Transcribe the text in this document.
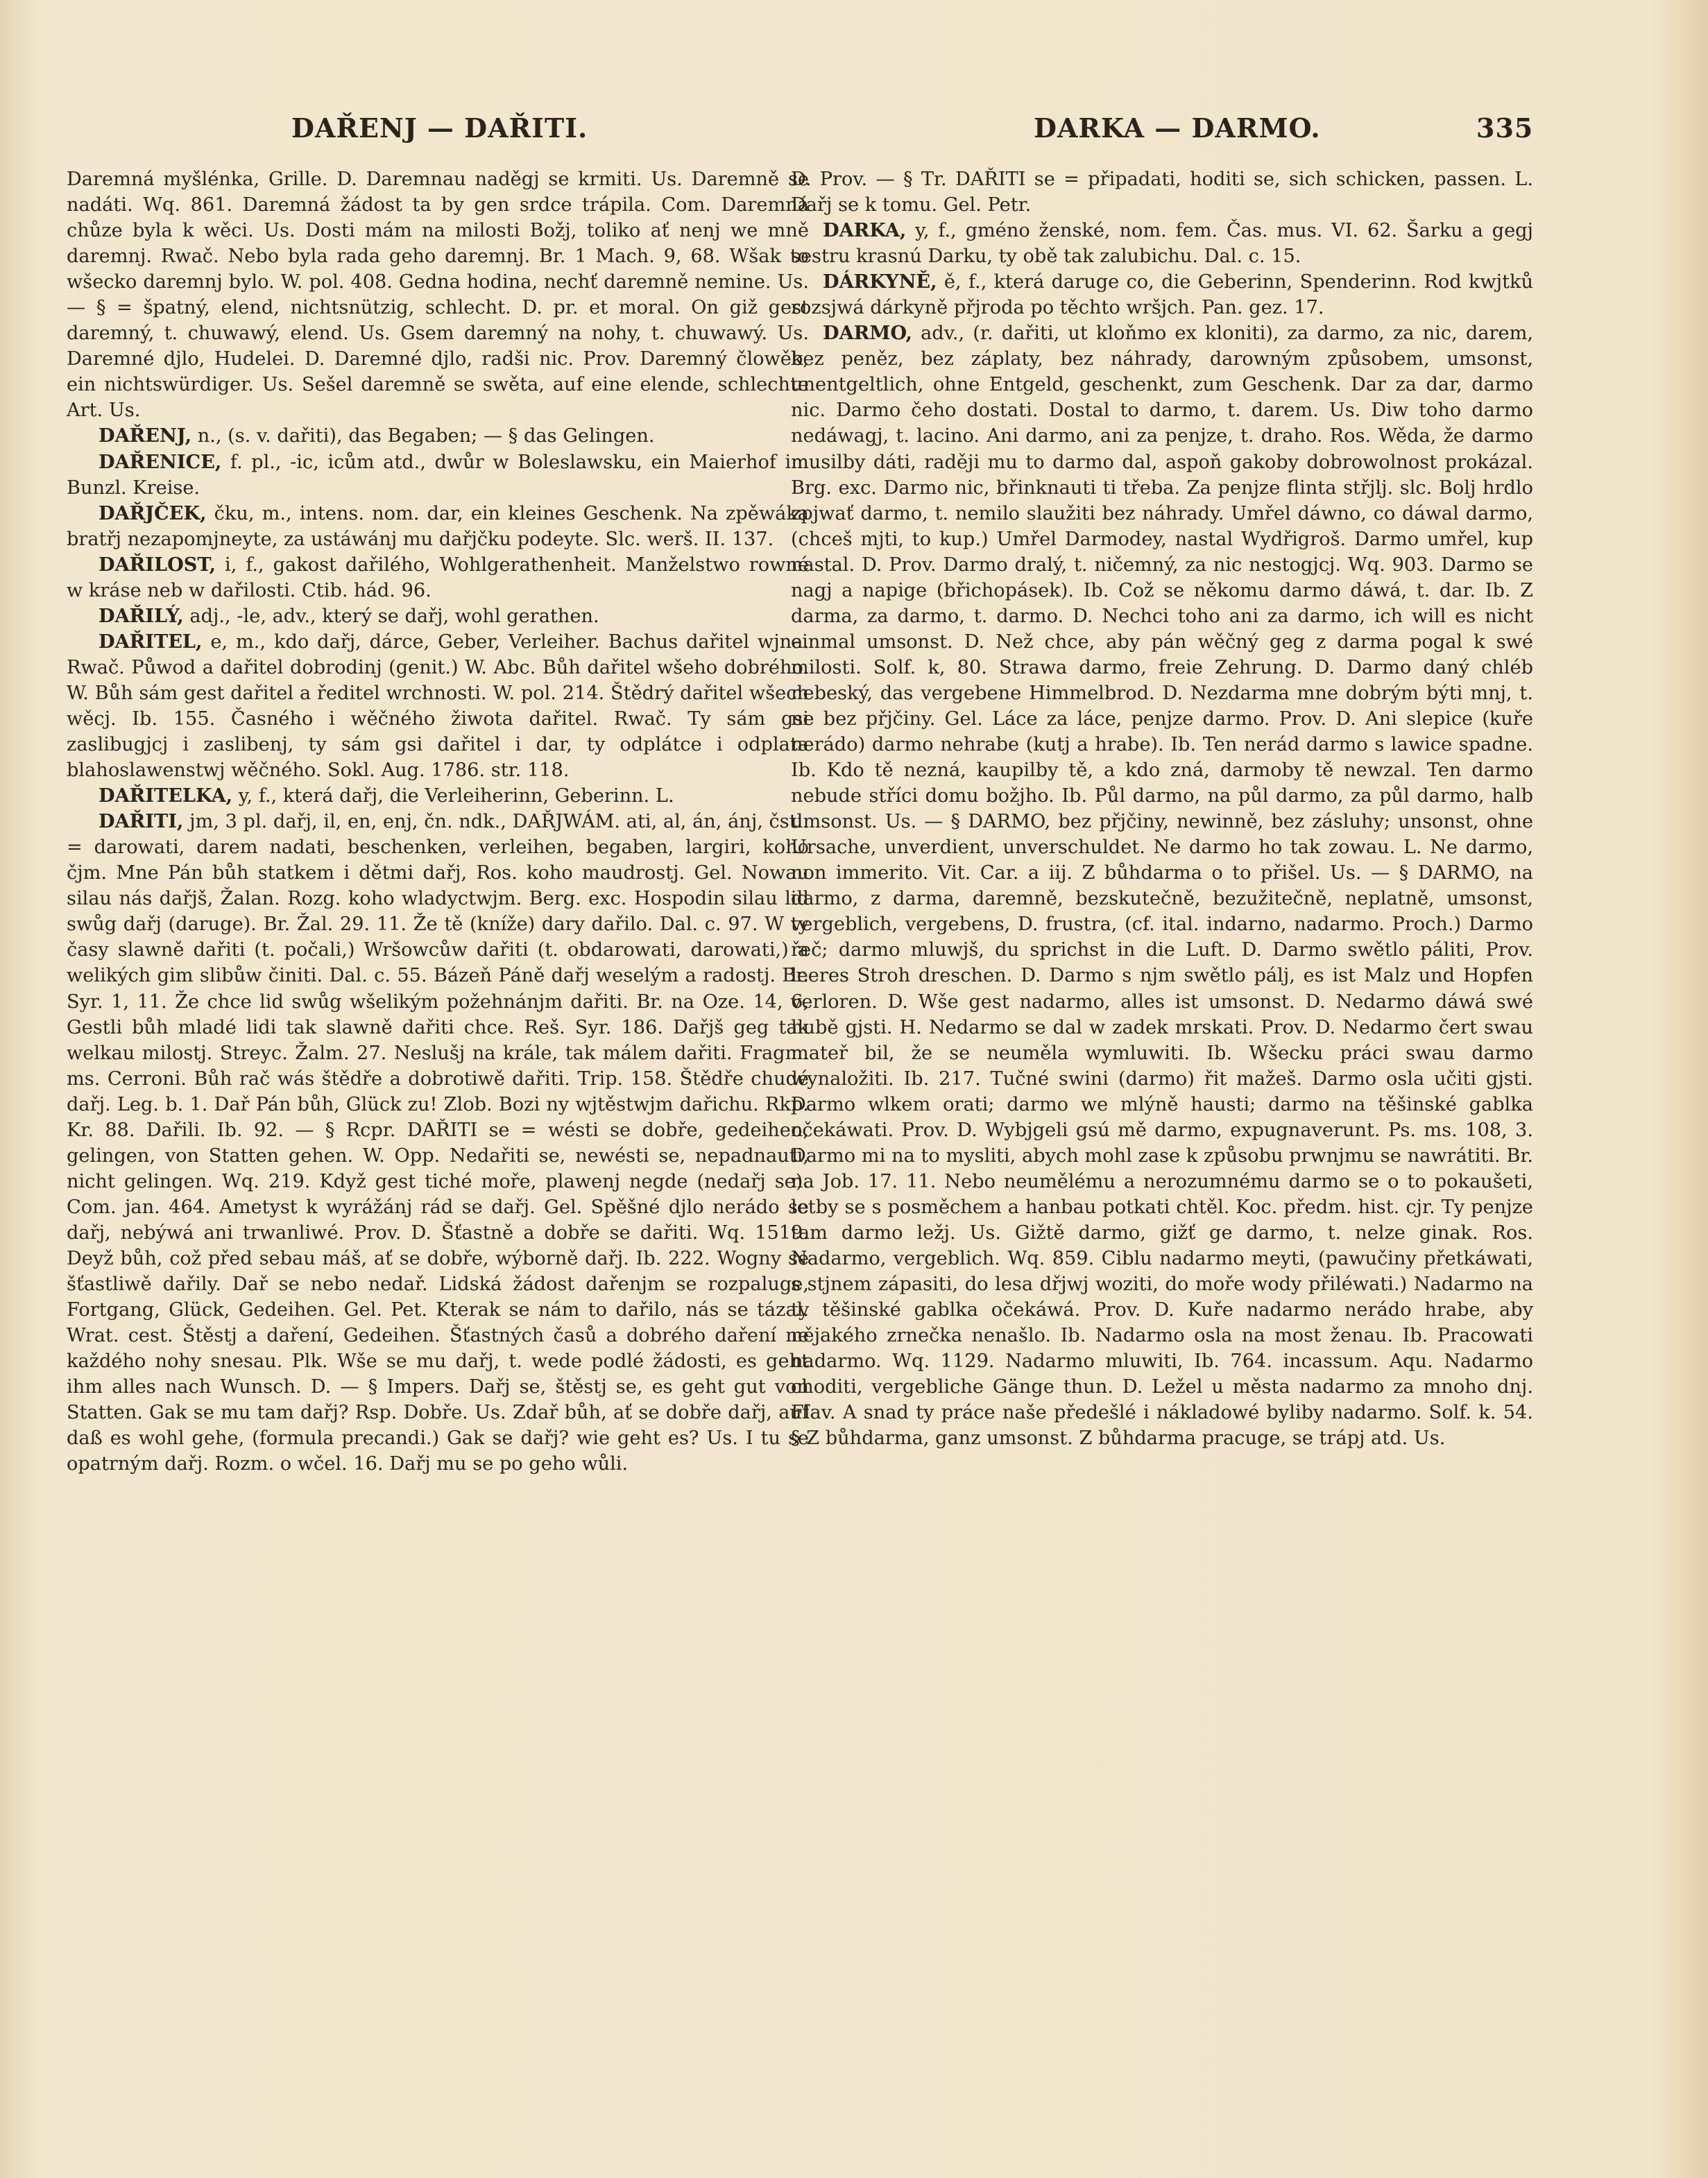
DAŘENJ — DAŘITI.	DARKA — DARMO.	335

Daremná myšlénka, Grille. D. Daremnau naděgj se krmiti. Us. Daremně se nadáti. Wq. 861. Daremná žádost ta by gen srdce trápila. Com. Daremná chůze byla k wěci. Us. Dosti mám na milosti Božj, toliko ať nenj we mně daremnj. Rwač. Nebo byla rada geho daremnj. Br. 1 Mach. 9, 68. Wšak to wšecko daremnj bylo. W. pol. 408. Gedna hodina, nechť daremně nemine. Us. — § = špatný, elend, nichtsnützig, schlecht. D. pr. et moral. On giž gest daremný, t. chuwawý, elend. Us. Gsem daremný na nohy, t. chuwawý. Us. Daremné djlo, Hudelei. D. Daremné djlo, radši nic. Prov. Daremný člowěk, ein nichtswürdiger. Us. Sešel daremně se swěta, auf eine elende, schlechte Art. Us.

DAŘENJ, n., (s. v. dařiti), das Begaben; — § das Gelingen.

DAŘENICE, f. pl., -ic, icům atd., dwůr w Boleslawsku, ein Maierhof im Bunzl. Kreise.

DAŘJČEK, čku, m., intens. nom. dar, ein kleines Geschenk. Na zpěwáka bratřj nezapomjneyte, za ustáwánj mu dařjčku podeyte. Slc. werš. II. 137.

DAŘILOST, i, f., gakost dařilého, Wohlgerathenheit. Manželstwo rowné w kráse neb w dařilosti. Ctib. hád. 96.

DAŘILÝ, adj., -le, adv., který se dařj, wohl gerathen.

DAŘITEL, e, m., kdo dařj, dárce, Geber, Verleiher. Bachus dařitel wjna. Rwač. Půwod a dařitel dobrodinj (genit.) W. Abc. Bůh dařitel wšeho dobrého. W. Bůh sám gest dařitel a ředitel wrchnosti. W. pol. 214. Štědrý dařitel wšech wěcj. Ib. 155. Časného i wěčného žiwota dařitel. Rwač. Ty sám gsi zaslibugjcj i zaslibenj, ty sám gsi dařitel i dar, ty odplátce i odplata blahoslawenstwj wěčného. Sokl. Aug. 1786. str. 118.

DAŘITELKA, y, f., která dařj, die Verleiherinn, Geberinn. L.

DAŘITI, jm, 3 pl. dařj, il, en, enj, čn. ndk., DAŘJWÁM. ati, al, án, ánj, čstl. = darowati, darem nadati, beschenken, verleihen, begaben, largiri, koho čjm. Mne Pán bůh statkem i dětmi dařj, Ros. koho maudrostj. Gel. Nowau silau nás dařjš, Žalan. Rozg. koho wladyctwjm. Berg. exc. Hospodin silau lid swůg dařj (daruge). Br. Žal. 29. 11. Že tě (kníže) dary dařilo. Dal. c. 97. W ty časy slawně dařiti (t. počali,) Wršowcůw dařiti (t. obdarowati, darowati,) a welikých gim slibůw činiti. Dal. c. 55. Bázeň Páně dařj weselým a radostj. Br. Syr. 1, 11. Že chce lid swůg wšelikým požehnánjm dařiti. Br. na Oze. 14, 6, Gestli bůh mladé lidi tak slawně dařiti chce. Reš. Syr. 186. Dařjš geg tak welkau milostj. Streyc. Žalm. 27. Neslušj na krále, tak málem dařiti. Fragm. ms. Cerroni. Bůh rač wás štědře a dobrotiwě dařiti. Trip. 158. Štědře chudé dařj. Leg. b. 1. Dař Pán bůh, Glück zu! Zlob. Bozi ny wjtěstwjm dařichu. Rkp. Kr. 88. Dařili. Ib. 92. — § Rcpr. DAŘITI se = wésti se dobře, gedeihen, gelingen, von Statten gehen. W. Opp. Nedařiti se, newésti se, nepadnauti, nicht gelingen. Wq. 219. Když gest tiché moře, plawenj negde (nedařj se). Com. jan. 464. Ametyst k wyrážánj rád se dařj. Gel. Spěšné djlo nerádo se dařj, nebýwá ani trwanliwé. Prov. D. Šťastně a dobře se dařiti. Wq. 1519. Deyž bůh, což před sebau máš, ať se dobře, wýborně dařj. Ib. 222. Wogny se šťastliwě dařily. Dař se nebo nedař. Lidská žádost dařenjm se rozpaluge, Fortgang, Glück, Gedeihen. Gel. Pet. Kterak se nám to dařilo, nás se tázal. Wrat. cest. Štěstj a daření, Gedeihen. Šťastných časů a dobrého daření ne každého nohy snesau. Plk. Wše se mu dařj, t. wede podlé žádosti, es geht ihm alles nach Wunsch. D. — § Impers. Dařj se, štěstj se, es geht gut von Statten. Gak se mu tam dařj? Rsp. Dobře. Us. Zdař bůh, ať se dobře dařj, auf daß es wohl gehe, (formula precandi.) Gak se dařj? wie geht es? Us. I tu se opatrným dařj. Rozm. o wčel. 16. Dařj mu se po geho wůli.

D. Prov. — § Tr. DAŘITI se = připadati, hoditi se, sich schicken, passen. L. Dařj se k tomu. Gel. Petr.

DARKA, y, f., gméno ženské, nom. fem. Čas. mus. VI. 62. Šarku a gegj sestru krasnú Darku, ty obě tak zalubichu. Dal. c. 15.

DÁRKYNĚ, ě, f., která daruge co, die Geberinn, Spenderinn. Rod kwjtků rozsjwá dárkyně přjroda po těchto wršjch. Pan. gez. 17.

DARMO, adv., (r. dařiti, ut kloňmo ex kloniti), za darmo, za nic, darem, bez peněz, bez záplaty, bez náhrady, darowným způsobem, umsonst, unentgeltlich, ohne Entgeld, geschenkt, zum Geschenk. Dar za dar, darmo nic. Darmo čeho dostati. Dostal to darmo, t. darem. Us. Diw toho darmo nedáwagj, t. lacino. Ani darmo, ani za penjze, t. draho. Ros. Wěda, že darmo musilby dáti, raději mu to darmo dal, aspoň gakoby dobrowolnost prokázal. Brg. exc. Darmo nic, břinknauti ti třeba. Za penjze flinta střjlj. slc. Bolj hrdlo zpjwať darmo, t. nemilo slaužiti bez náhrady. Umřel dáwno, co dáwal darmo, (chceš mjti, to kup.) Umřel Darmodey, nastal Wydřigroš. Darmo umřel, kup nastal. D. Prov. Darmo dralý, t. ničemný, za nic nestogjcj. Wq. 903. Darmo se nagj a napige (břichopásek). Ib. Což se někomu darmo dáwá, t. dar. Ib. Z darma, za darmo, t. darmo. D. Nechci toho ani za darmo, ich will es nicht einmal umsonst. D. Než chce, aby pán wěčný geg z darma pogal k swé milosti. Solf. k, 80. Strawa darmo, freie Zehrung. D. Darmo daný chléb nebeský, das vergebene Himmelbrod. D. Nezdarma mne dobrým býti mnj, t. ne bez přjčiny. Gel. Láce za láce, penjze darmo. Prov. D. Ani slepice (kuře nerádo) darmo nehrabe (kutj a hrabe). Ib. Ten nerád darmo s lawice spadne. Ib. Kdo tě nezná, kaupilby tě, a kdo zná, darmoby tě newzal. Ten darmo nebude stříci domu božjho. Ib. Půl darmo, na půl darmo, za půl darmo, halb umsonst. Us. — § DARMO, bez přjčiny, newinně, bez zásluhy; unsonst, ohne Ursache, unverdient, unverschuldet. Ne darmo ho tak zowau. L. Ne darmo, non immerito. Vit. Car. a iij. Z bůhdarma o to přišel. Us. — § DARMO, na darmo, z darma, daremně, bezskutečně, bezužitečně, neplatně, umsonst, vergeblich, vergebens, D. frustra, (cf. ital. indarno, nadarmo. Proch.) Darmo řeč; darmo mluwjš, du sprichst in die Luft. D. Darmo swětlo páliti, Prov. leeres Stroh dreschen. D. Darmo s njm swětlo pálj, es ist Malz und Hopfen verloren. D. Wše gest nadarmo, alles ist umsonst. D. Nedarmo dáwá swé hubě gjsti. H. Nedarmo se dal w zadek mrskati. Prov. D. Nedarmo čert swau mateř bil, že se neuměla wymluwiti. Ib. Wšecku práci swau darmo wynaložiti. Ib. 217. Tučné swini (darmo) řit mažeš. Darmo osla učiti gjsti. Darmo wlkem orati; darmo we mlýně hausti; darmo na těšinské gablka očekáwati. Prov. D. Wybjgeli gsú mě darmo, expugnaverunt. Ps. ms. 108, 3. Darmo mi na to mysliti, abych mohl zase k způsobu prwnjmu se nawrátiti. Br. na Job. 17. 11. Nebo neumělému a nerozumnému darmo se o to pokaušeti, letby se s posměchem a hanbau potkati chtěl. Koc. předm. hist. cjr. Ty penjze tam darmo ležj. Us. Gižtě darmo, gižť ge darmo, t. nelze ginak. Ros. Nadarmo, vergeblich. Wq. 859. Ciblu nadarmo meyti, (pawučiny přetkáwati, s stjnem zápasiti, do lesa dřjwj woziti, do moře wody přiléwati.) Nadarmo na ty těšinské gablka očekáwá. Prov. D. Kuře nadarmo nerádo hrabe, aby nějakého zrnečka nenašlo. Ib. Nadarmo osla na most ženau. Ib. Pracowati nadarmo. Wq. 1129. Nadarmo mluwiti, Ib. 764. incassum. Aqu. Nadarmo choditi, vergebliche Gänge thun. D. Ležel u města nadarmo za mnoho dnj. Flav. A snad ty práce naše předešlé i nákladowé byliby nadarmo. Solf. k. 54. § Z bůhdarma, ganz umsonst. Z bůhdarma pracuge, se trápj atd. Us.
